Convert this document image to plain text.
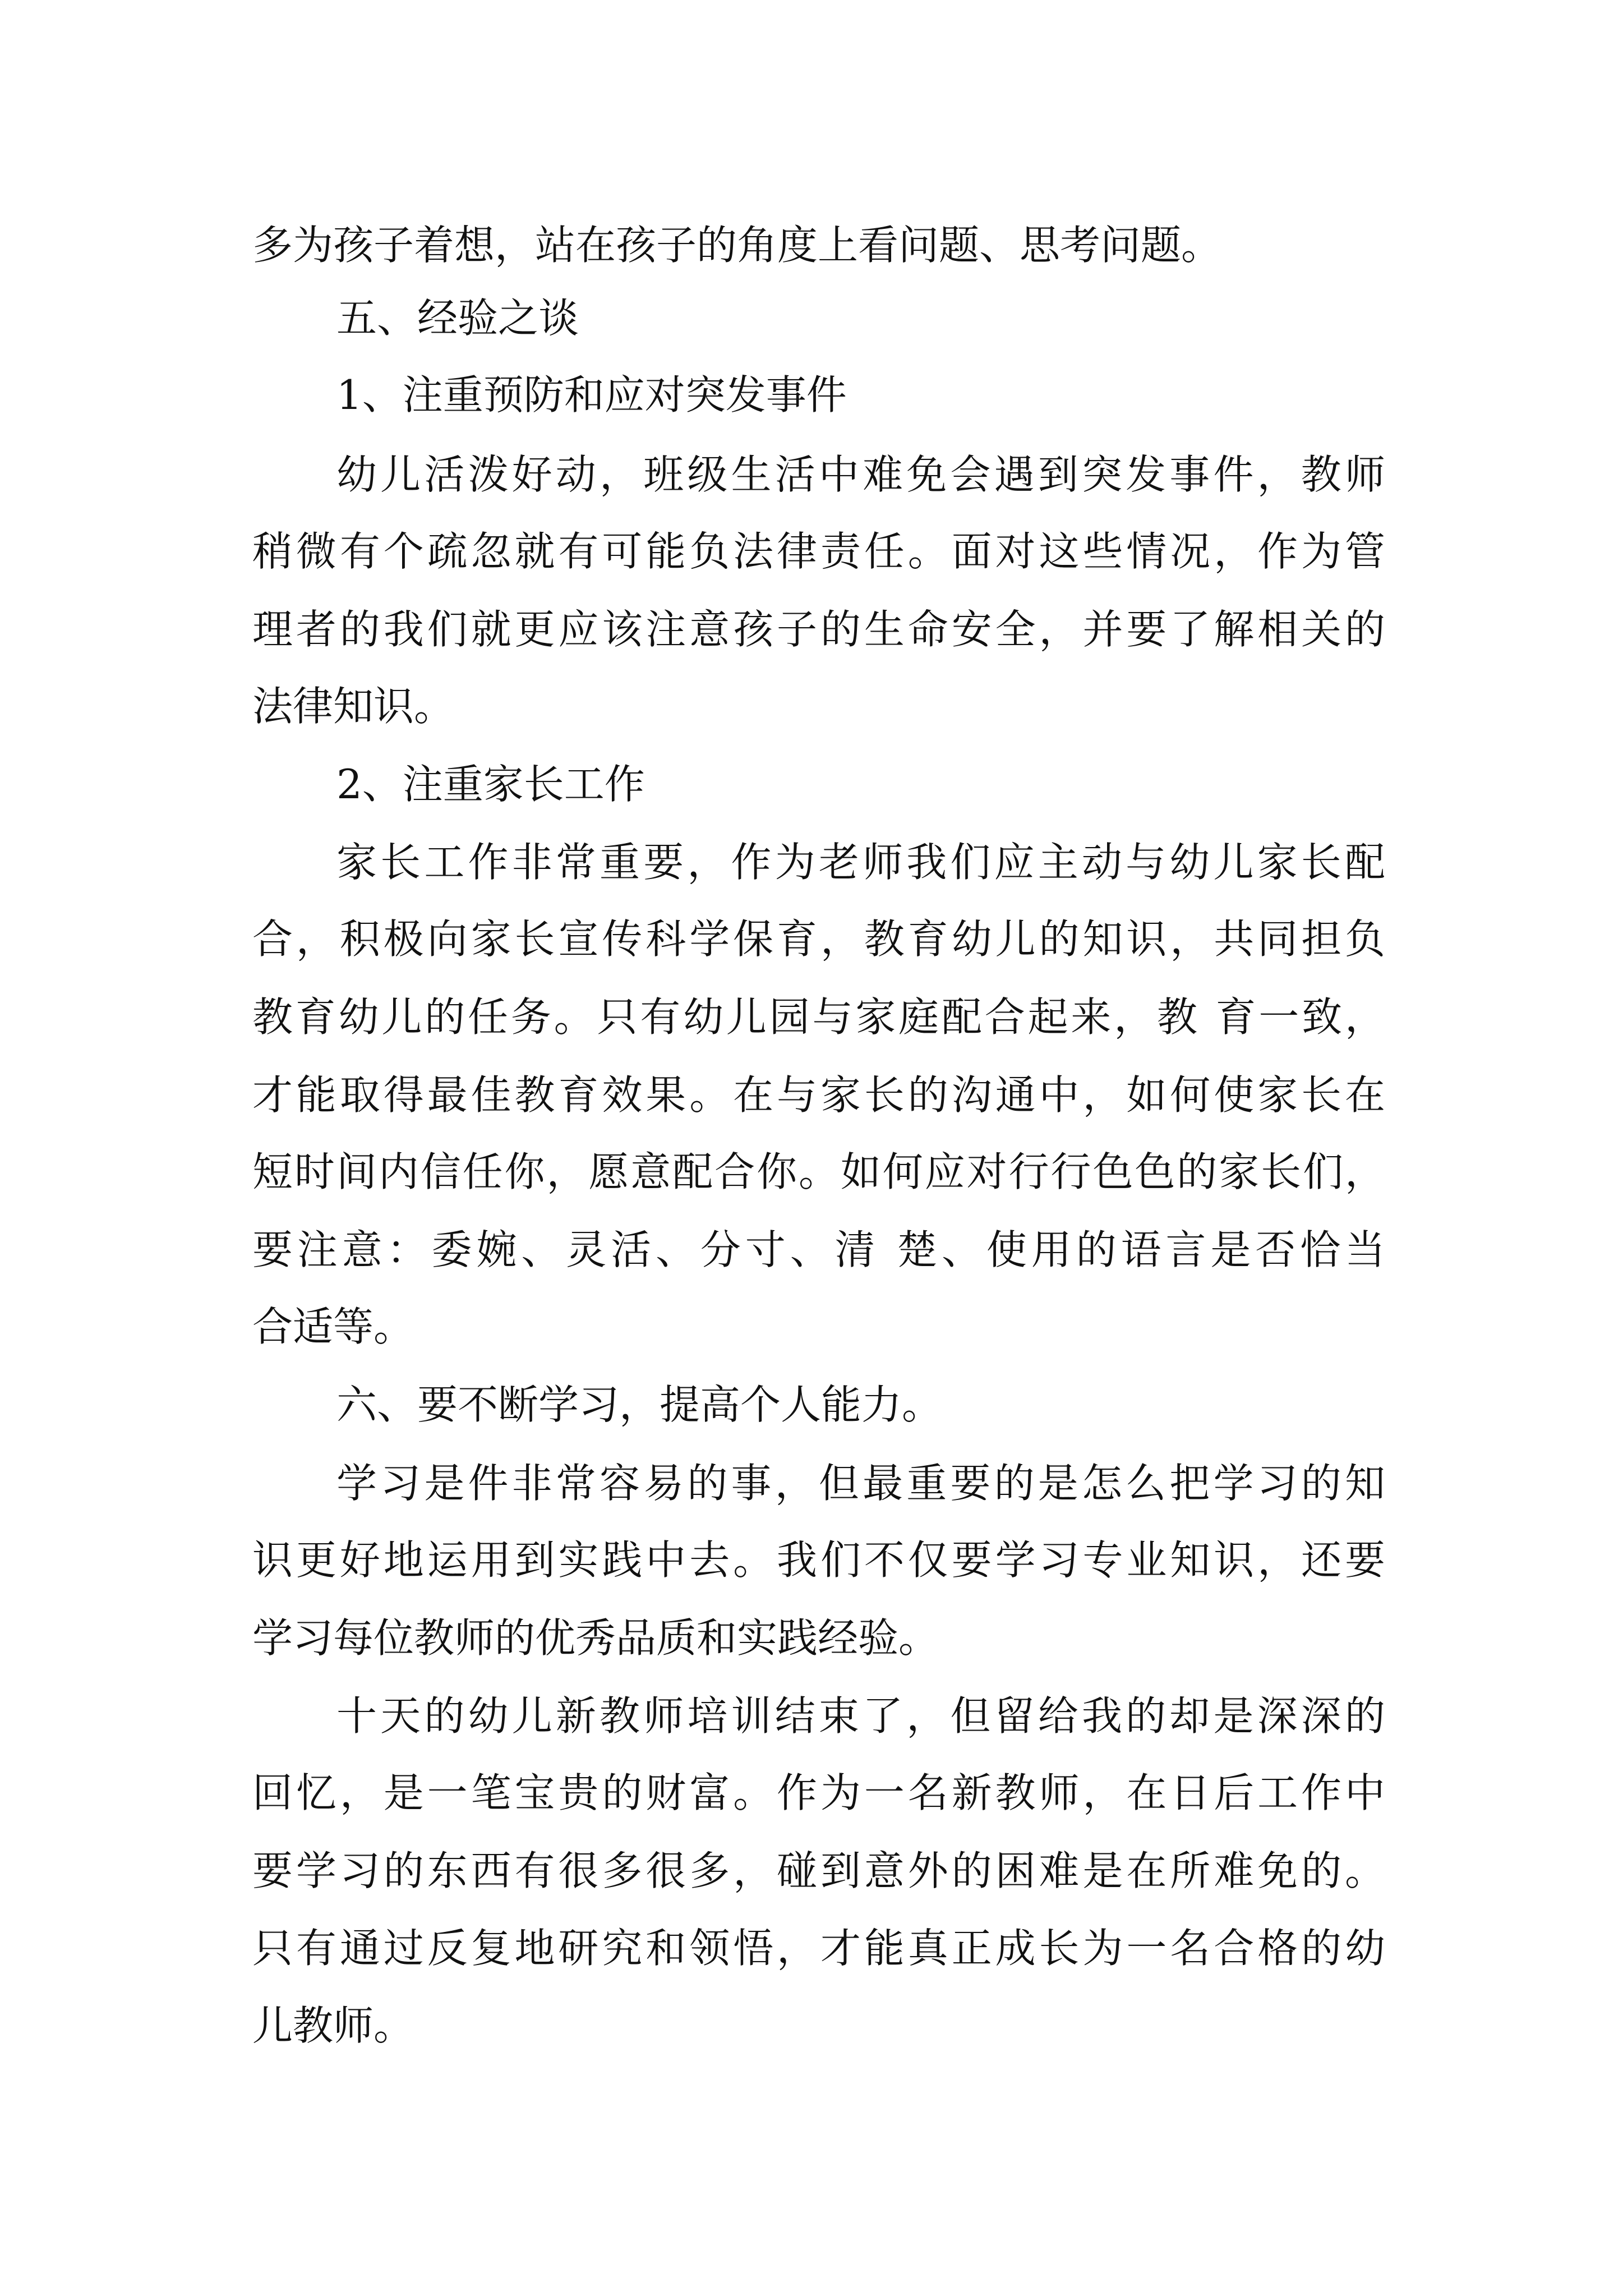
多为孩子着想，站在孩子的角度上看问题、思考问题。
五、经验之谈
1、注重预防和应对突发事件
幼儿活泼好动，班级生活中难免会遇到突发事件，教师
稍微有个疏忽就有可能负法律责任。面对这些情况，作为管
理者的我们就更应该注意孩子的生命安全，并要了解相关的
法律知识。
2、注重家长工作
家长工作非常重要，作为老师我们应主动与幼儿家长配
合，积极向家长宣传科学保育，教育幼儿的知识，共同担负
教育幼儿的任务。只有幼儿园与家庭配合起来，教 育一致，
才能取得最佳教育效果。在与家长的沟通中，如何使家长在
短时间内信任你，愿意配合你。如何应对行行色色的家长们，
要注意：委婉、灵活、分寸、清 楚、使用的语言是否恰当
合适等。
六、要不断学习，提高个人能力。
学习是件非常容易的事，但最重要的是怎么把学习的知
识更好地运用到实践中去。我们不仅要学习专业知识，还要
学习每位教师的优秀品质和实践经验。
十天的幼儿新教师培训结束了，但留给我的却是深深的
回忆，是一笔宝贵的财富。作为一名新教师，在日后工作中
要学习的东西有很多很多，碰到意外的困难是在所难免的。
只有通过反复地研究和领悟，才能真正成长为一名合格的幼
儿教师。
